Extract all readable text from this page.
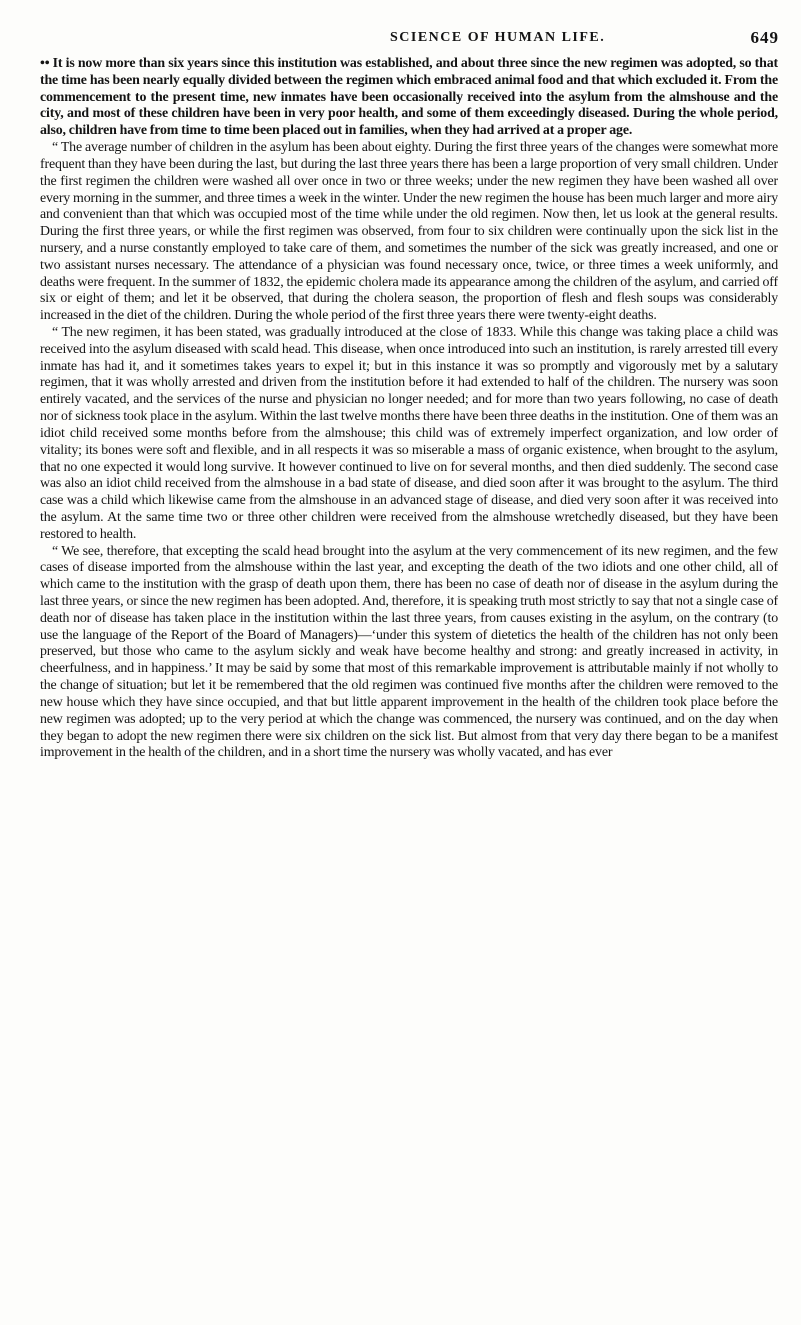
SCIENCE OF HUMAN LIFE.	649

•• It is now more than six years since this institution was established, and about three since the new regimen was adopted, so that the time has been nearly equally divided between the regimen which embraced animal food and that which excluded it. From the commencement to the present time, new inmates have been occasionally received into the asylum from the almshouse and the city, and most of these children have been in very poor health, and some of them exceedingly diseased. During the whole period, also, children have from time to time been placed out in families, when they had arrived at a proper age.

“ The average number of children in the asylum has been about eighty. During the first three years of the changes were somewhat more frequent than they have been during the last, but during the last three years there has been a large proportion of very small children. Under the first regimen the children were washed all over once in two or three weeks; under the new regimen they have been washed all over every morning in the summer, and three times a week in the winter. Under the new regimen the house has been much larger and more airy and convenient than that which was occupied most of the time while under the old regimen. Now then, let us look at the general results. During the first three years, or while the first regimen was observed, from four to six children were continually upon the sick list in the nursery, and a nurse constantly employed to take care of them, and sometimes the number of the sick was greatly increased, and one or two assistant nurses necessary. The attendance of a physician was found necessary once, twice, or three times a week uniformly, and deaths were frequent. In the summer of 1832, the epidemic cholera made its appearance among the children of the asylum, and carried off six or eight of them; and let it be observed, that during the cholera season, the proportion of flesh and flesh soups was considerably increased in the diet of the children. During the whole period of the first three years there were twenty-eight deaths.

“ The new regimen, it has been stated, was gradually introduced at the close of 1833. While this change was taking place a child was received into the asylum diseased with scald head. This disease, when once introduced into such an institution, is rarely arrested till every inmate has had it, and it sometimes takes years to expel it; but in this instance it was so promptly and vigorously met by a salutary regimen, that it was wholly arrested and driven from the institution before it had extended to half of the children. The nursery was soon entirely vacated, and the services of the nurse and physician no longer needed; and for more than two years following, no case of death nor of sickness took place in the asylum. Within the last twelve months there have been three deaths in the institution. One of them was an idiot child received some months before from the almshouse; this child was of extremely imperfect organization, and low order of vitality; its bones were soft and flexible, and in all respects it was so miserable a mass of organic existence, when brought to the asylum, that no one expected it would long survive. It however continued to live on for several months, and then died suddenly. The second case was also an idiot child received from the almshouse in a bad state of disease, and died soon after it was brought to the asylum. The third case was a child which likewise came from the almshouse in an advanced stage of disease, and died very soon after it was received into the asylum. At the same time two or three other children were received from the almshouse wretchedly diseased, but they have been restored to health.

“ We see, therefore, that excepting the scald head brought into the asylum at the very commencement of its new regimen, and the few cases of disease imported from the almshouse within the last year, and excepting the death of the two idiots and one other child, all of which came to the institution with the grasp of death upon them, there has been no case of death nor of disease in the asylum during the last three years, or since the new regimen has been adopted. And, therefore, it is speaking truth most strictly to say that not a single case of death nor of disease has taken place in the institution within the last three years, from causes existing in the asylum, on the contrary (to use the language of the Report of the Board of Managers)—‘under this system of dietetics the health of the children has not only been preserved, but those who came to the asylum sickly and weak have become healthy and strong: and greatly increased in activity, in cheerfulness, and in happiness.’ It may be said by some that most of this remarkable improvement is attributable mainly if not wholly to the change of situation; but let it be remembered that the old regimen was continued five months after the children were removed to the new house which they have since occupied, and that but little apparent improvement in the health of the children took place before the new regimen was adopted; up to the very period at which the change was commenced, the nursery was continued, and on the day when they began to adopt the new regimen there were six children on the sick list. But almost from that very day there began to be a manifest improvement in the health of the children, and in a short time the nursery was wholly vacated, and has ever
